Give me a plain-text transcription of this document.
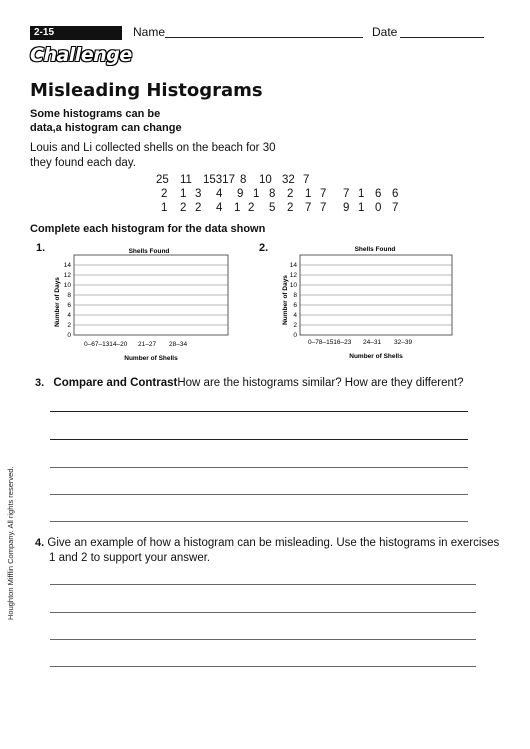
2-15
Challenge
Name	Date
Misleading Histograms
Some histograms can be
data,a histogram can change
Louis and Li collected shells on the beach for 30
they found each day.
25 11 15317 8 10 32 7
2 1 3 4 9 1 8 2 1 7 7 1 6 6
1 2 2 4 1 2 5 2 7 7 9 1 0 7
Complete each histogram for the data shown
1.	Shells Found
0
2
4
6
8
10
12
14
0–67–1314–20 21–27 28–34
Number of Shells
Number of Days
2.	Shells Found
0
2
4
6
8
10
12
14
0–78–1516–23 24–31 32–39
Number of Shells
Number of Days
3. Compare and ContrastHow are the histograms similar? How are they different?
4. Give an example of how a histogram can be misleading. Use the histograms in exercises
1 and 2 to support your answer.
Houghton Mifflin Company. All rights reserved.
